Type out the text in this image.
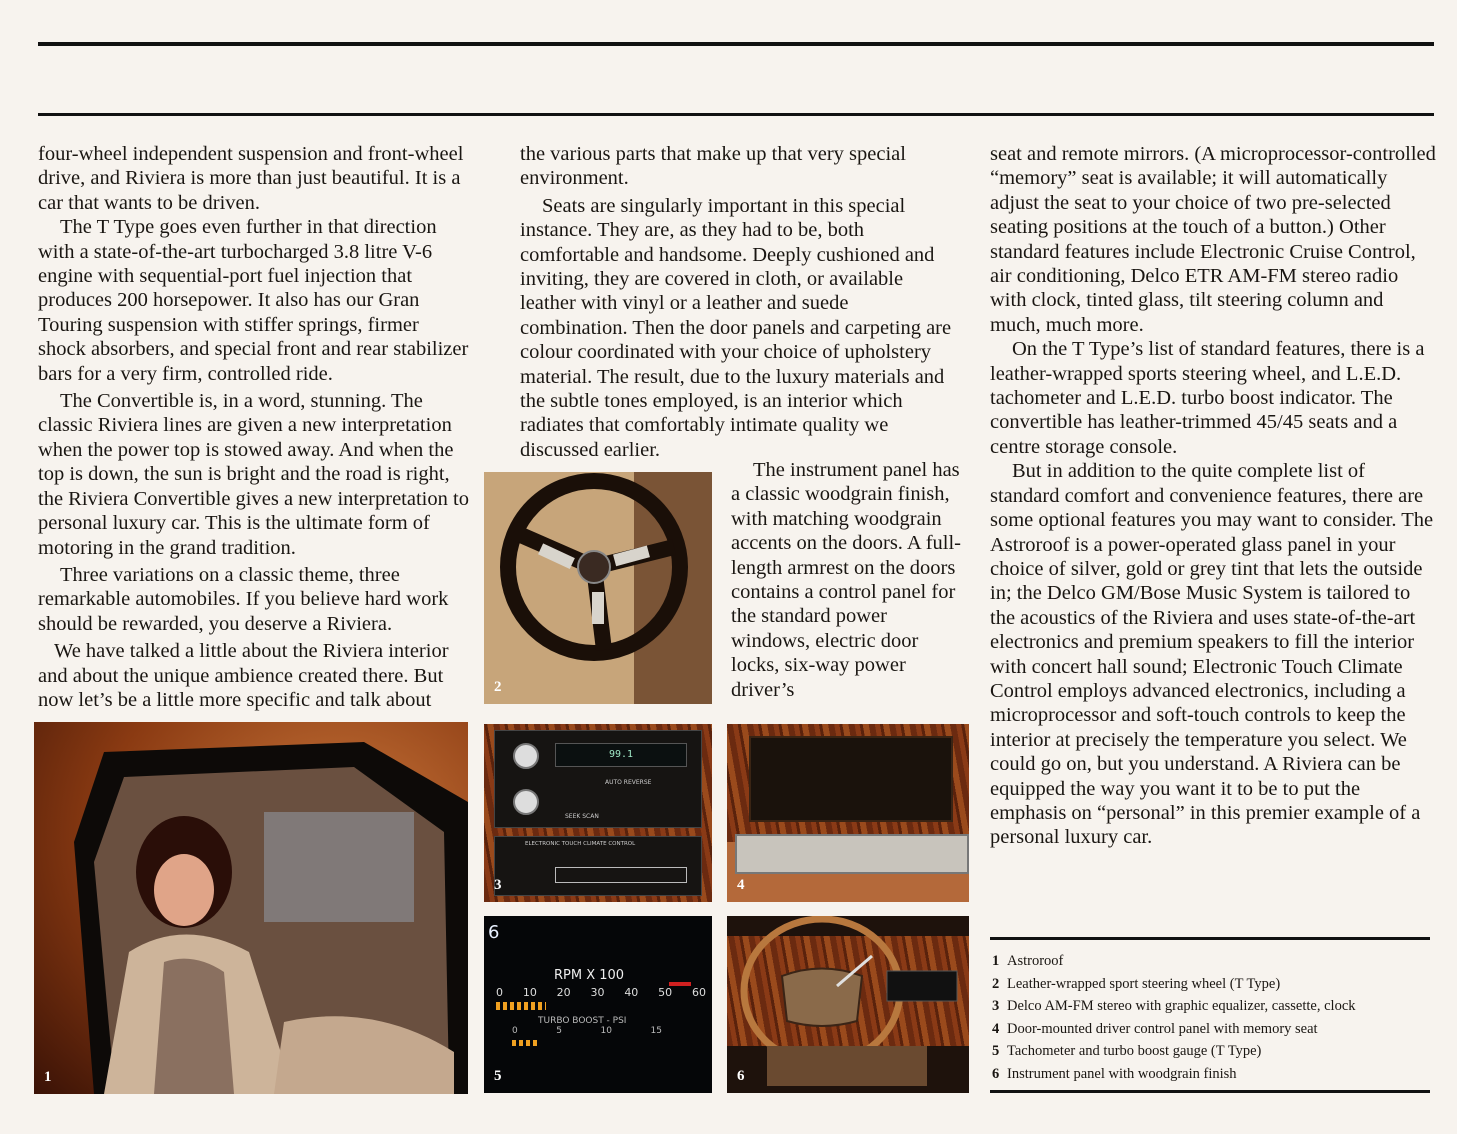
four-wheel independent suspension and front-wheel drive, and Riviera is more than just beautiful. It is a car that wants to be driven.

The T Type goes even further in that direction with a state-of-the-art turbocharged 3.8 litre V-6 engine with sequential-port fuel injection that produces 200 horsepower. It also has our Gran Touring suspension with stiffer springs, firmer shock absorbers, and special front and rear stabilizer bars for a very firm, controlled ride.

The Convertible is, in a word, stunning. The classic Riviera lines are given a new interpretation when the power top is stowed away. And when the top is down, the sun is bright and the road is right, the Riviera Convertible gives a new interpretation to personal luxury car. This is the ultimate form of motoring in the grand tradition.

Three variations on a classic theme, three remarkable automobiles. If you believe hard work should be rewarded, you deserve a Riviera.

We have talked a little about the Riviera interior and about the unique ambience created there. But now let’s be a little more specific and talk about

the various parts that make up that very special environment.

Seats are singularly important in this special instance. They are, as they had to be, both comfortable and handsome. Deeply cushioned and inviting, they are covered in cloth, or available leather with vinyl or a leather and suede combination. Then the door panels and carpeting are colour coordinated with your choice of upholstery material. The result, due to the luxury materials and the subtle tones employed, is an interior which radiates that comfortably intimate quality we discussed earlier.

The instrument panel has a classic woodgrain finish, with matching woodgrain accents on the doors. A full-length armrest on the doors contains a control panel for the standard power windows, electric door locks, six-way power driver’s

seat and remote mirrors. (A microprocessor-controlled “memory” seat is available; it will automatically adjust the seat to your choice of two pre-selected seating positions at the touch of a button.) Other standard features include Electronic Cruise Control, air conditioning, Delco ETR AM-FM stereo radio with clock, tinted glass, tilt steering column and much, much more.

On the T Type’s list of standard features, there is a leather-wrapped sports steering wheel, and L.E.D. tachometer and L.E.D. turbo boost indicator. The convertible has leather-trimmed 45/45 seats and a centre storage console.

But in addition to the quite complete list of standard comfort and convenience features, there are some optional features you may want to consider. The Astroroof is a power-operated glass panel in your choice of silver, gold or grey tint that lets the outside in; the Delco GM/Bose Music System is tailored to the acoustics of the Riviera and uses state-of-the-art electronics and premium speakers to fill the interior with concert hall sound; Electronic Touch Climate Control employs advanced electronics, including a microprocessor and soft-touch controls to keep the interior at precisely the temperature you select. We could go on, but you understand. A Riviera can be equipped the way you want it to be to put the emphasis on “personal” in this premier example of a personal luxury car.

1
2
99.1
AUTO REVERSE
SEEK SCAN
ELECTRONIC TOUCH CLIMATE CONTROL
3	4
6
RPM X 100
0 10 20 30 40 50 60
TURBO BOOST - PSI
0	5	10	15
5	6
1 Astroroof
2 Leather-wrapped sport steering wheel (T Type)
3 Delco AM-FM stereo with graphic equalizer, cassette, clock
4 Door-mounted driver control panel with memory seat
5 Tachometer and turbo boost gauge (T Type)
6 Instrument panel with woodgrain finish
